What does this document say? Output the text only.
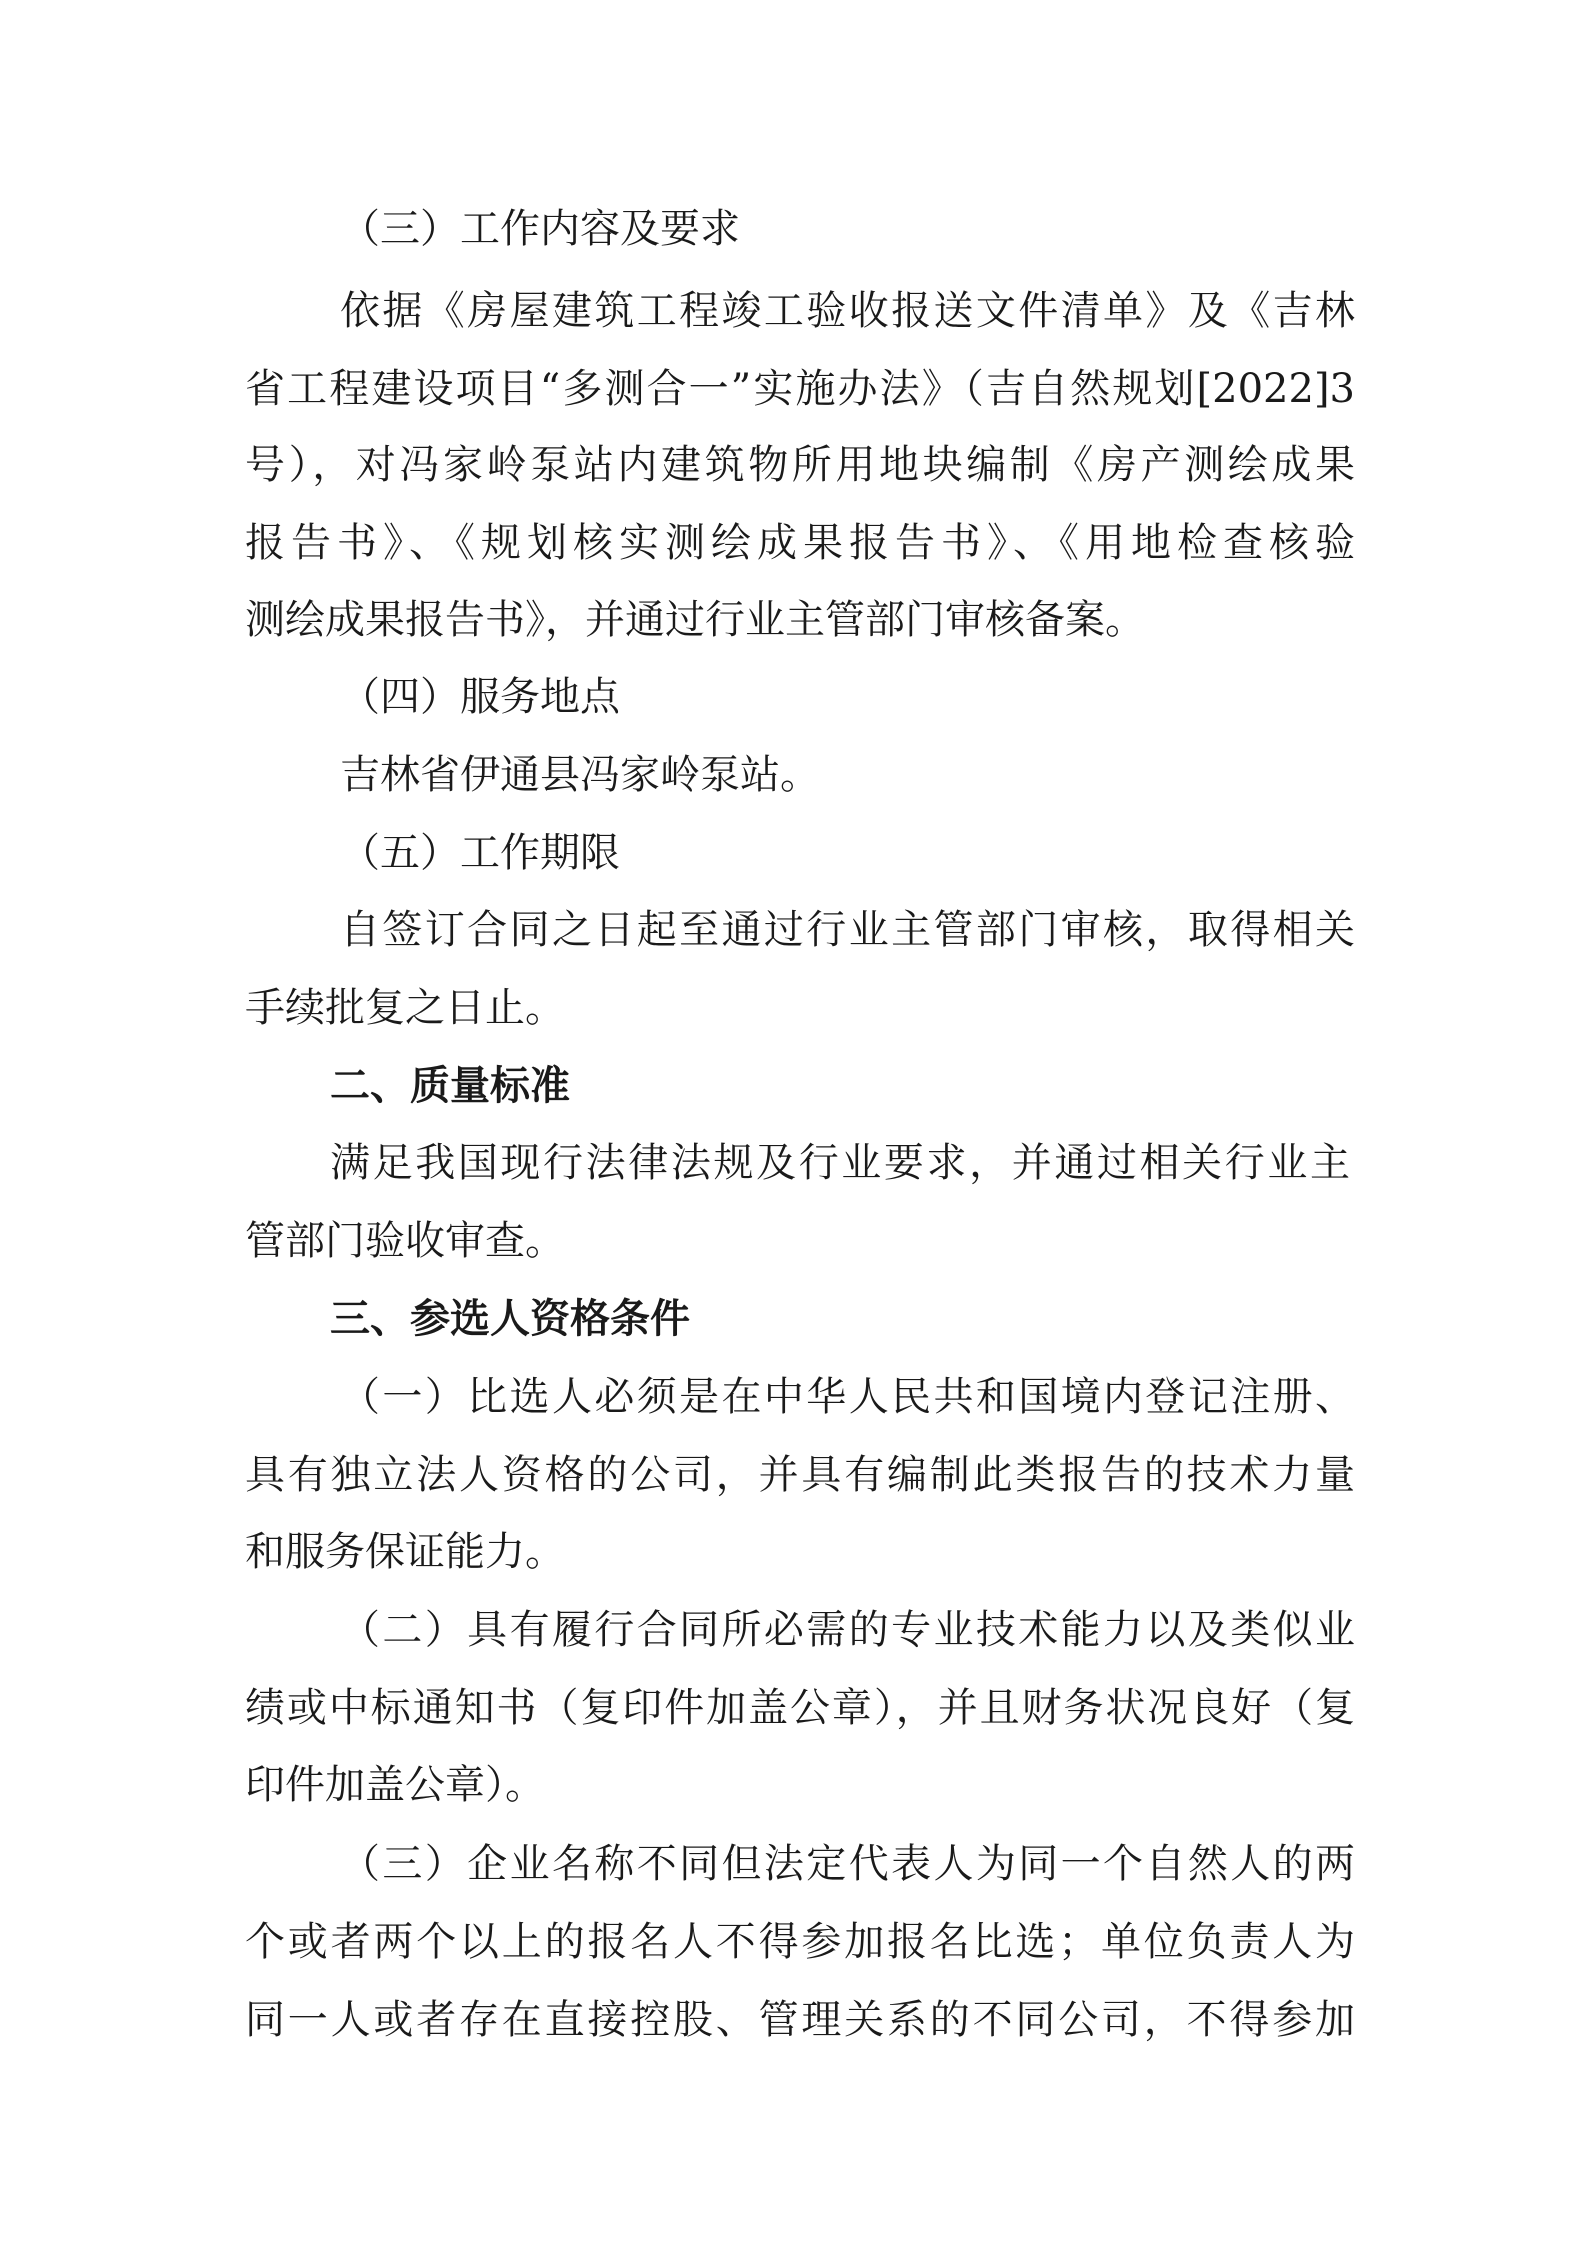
（三）工作内容及要求
依据《房屋建筑工程竣工验收报送文件清单》及《吉林
省工程建设项目“多测合一”实施办法》（吉自然规划[2022]3
号），对冯家岭泵站内建筑物所用地块编制《房产测绘成果
报告书》、《规划核实测绘成果报告书》、《用地检查核验
测绘成果报告书》，并通过行业主管部门审核备案。
（四）服务地点
吉林省伊通县冯家岭泵站。
（五）工作期限
自签订合同之日起至通过行业主管部门审核，取得相关
手续批复之日止。
二、质量标准
满足我国现行法律法规及行业要求，并通过相关行业主
管部门验收审查。
三、参选人资格条件
（一）比选人必须是在中华人民共和国境内登记注册、
具有独立法人资格的公司，并具有编制此类报告的技术力量
和服务保证能力。
（二）具有履行合同所必需的专业技术能力以及类似业
绩或中标通知书（复印件加盖公章），并且财务状况良好（复
印件加盖公章）。
（三）企业名称不同但法定代表人为同一个自然人的两
个或者两个以上的报名人不得参加报名比选；单位负责人为
同一人或者存在直接控股、管理关系的不同公司，不得参加
